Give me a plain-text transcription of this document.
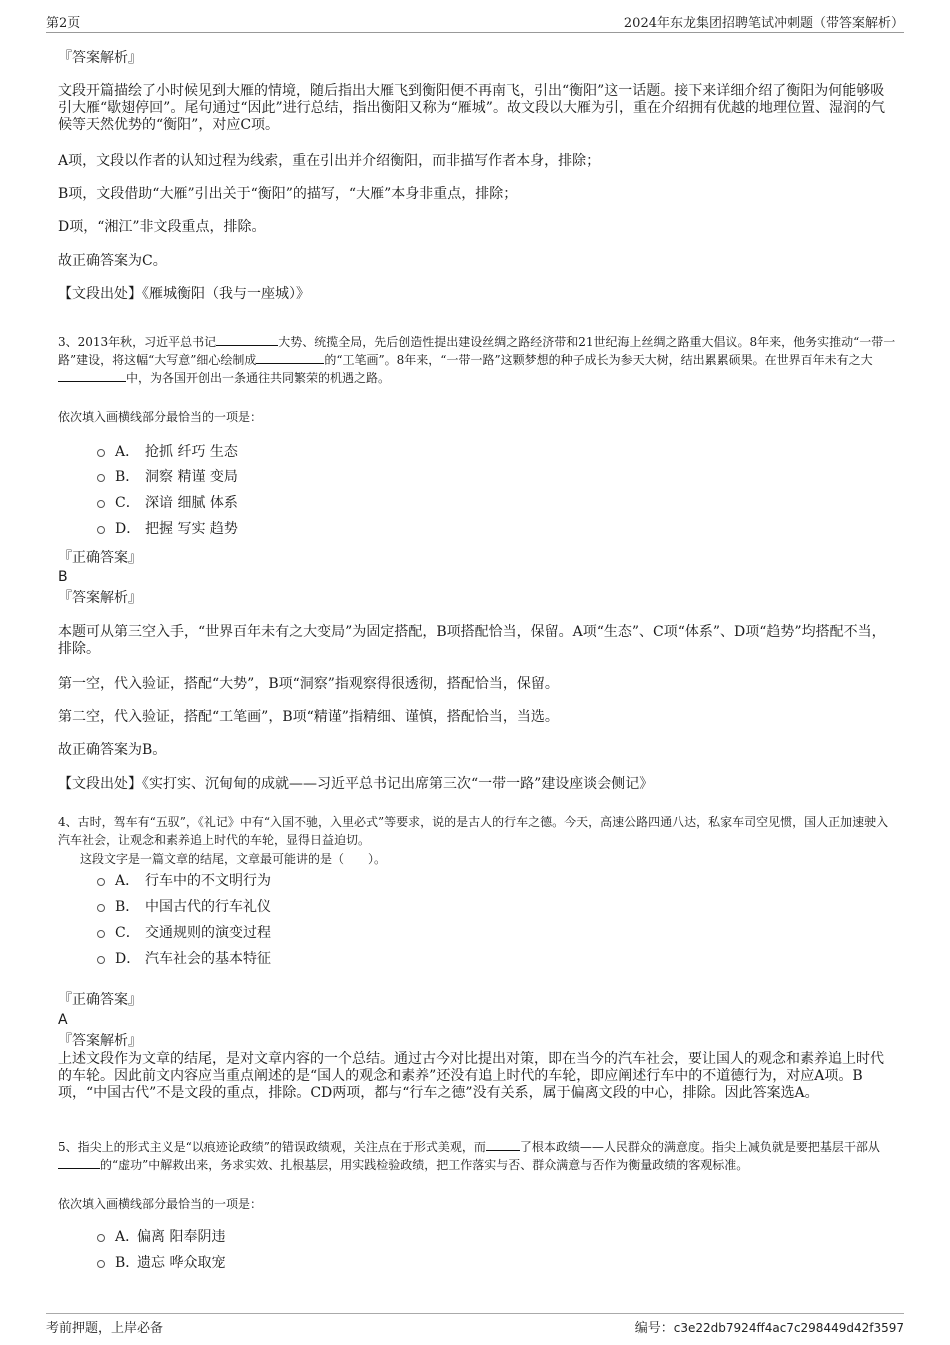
第2页	2024年东龙集团招聘笔试冲刺题（带答案解析）
『答案解析』
文段开篇描绘了小时候见到大雁的情境，随后指出大雁飞到衡阳便不再南飞，引出“衡阳”这一话题。接下来详细介绍了衡阳为何能够吸引大雁“歇翅停回”。尾句通过“因此”进行总结，指出衡阳又称为“雁城”。故文段以大雁为引，重在介绍拥有优越的地理位置、湿润的气候等天然优势的“衡阳”，对应C项。
A项，文段以作者的认知过程为线索，重在引出并介绍衡阳，而非描写作者本身，排除；
B项，文段借助“大雁”引出关于“衡阳”的描写，“大雁”本身非重点，排除；
D项，“湘江”非文段重点，排除。
故正确答案为C。
【文段出处】《雁城衡阳（我与一座城）》
3、2013年秋，习近平总书记	大势、统揽全局，先后创造性提出建设丝绸之路经济带和21世纪海上丝绸之路重大倡议。8年来，他务实推动“一带一路”建设，将这幅“大写意”细心绘制成	的“工笔画”。8年来，“一带一路”这颗梦想的种子成长为参天大树，结出累累硕果。在世界百年未有之大中，为各国开创出一条通往共同繁荣的机遇之路。
依次填入画横线部分最恰当的一项是：
A． 抢抓 纤巧 生态
B． 洞察 精谨 变局
C． 深谙 细腻 体系
D． 把握 写实 趋势
『正确答案』
B
『答案解析』
本题可从第三空入手，“世界百年未有之大变局”为固定搭配，B项搭配恰当，保留。A项“生态”、C项“体系”、D项“趋势”均搭配不当，排除。
第一空，代入验证，搭配“大势”，B项“洞察”指观察得很透彻，搭配恰当，保留。
第二空，代入验证，搭配“工笔画”，B项“精谨”指精细、谨慎，搭配恰当，当选。
故正确答案为B。
【文段出处】《实打实、沉甸甸的成就——习近平总书记出席第三次“一带一路”建设座谈会侧记》
4、古时，驾车有“五驭”，《礼记》中有“入国不驰，入里必式”等要求，说的是古人的行车之德。今天，高速公路四通八达，私家车司空见惯，国人正加速驶入汽车社会，让观念和素养追上时代的车轮，显得日益迫切。
这段文字是一篇文章的结尾，文章最可能讲的是（　　）。
A． 行车中的不文明行为
B． 中国古代的行车礼仪
C． 交通规则的演变过程
D． 汽车社会的基本特征
『正确答案』
A
『答案解析』
上述文段作为文章的结尾，是对文章内容的一个总结。通过古今对比提出对策，即在当今的汽车社会，要让国人的观念和素养追上时代的车轮。因此前文内容应当重点阐述的是“国人的观念和素养”还没有追上时代的车轮，即应阐述行车中的不道德行为，对应A项。B项，“中国古代”不是文段的重点，排除。CD两项，都与“行车之德”没有关系，属于偏离文段的中心，排除。因此答案选A。
5、指尖上的形式主义是“以痕迹论政绩”的错误政绩观，关注点在于形式美观，而	了根本政绩——人民群众的满意度。指尖上减负就是要把基层干部从的“虚功”中解救出来，务求实效、扎根基层，用实践检验政绩，把工作落实与否、群众满意与否作为衡量政绩的客观标准。
依次填入画横线部分最恰当的一项是：
A．
偏离 阳奉阴违
B．
遗忘 哗众取宠
考前押题，上岸必备	编号：c3e22db7924ff4ac7c298449d42f3597
